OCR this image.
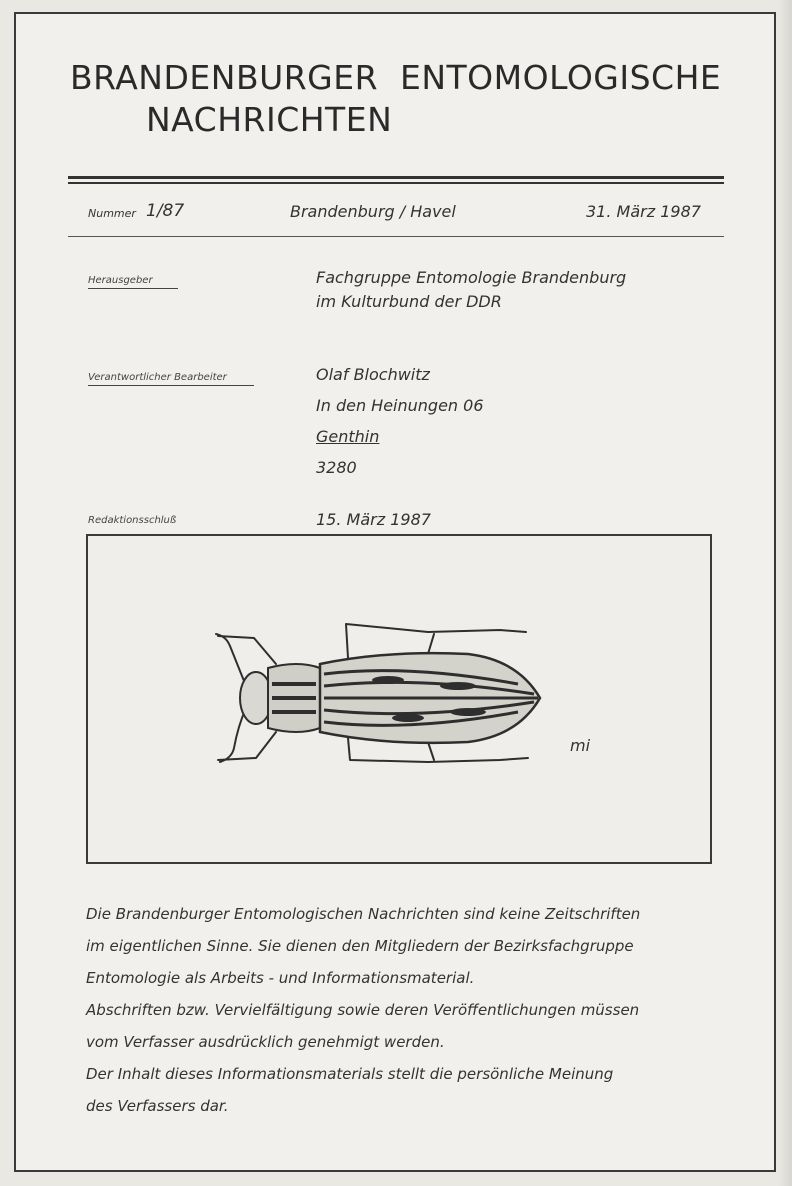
BRANDENBURGER  ENTOMOLOGISCHE
NACHRICHTEN
Nummer 1/87	Brandenburg / Havel	31. März 1987
Herausgeber	Fachgruppe Entomologie Brandenburg
im Kulturbund der DDR
Verantwortlicher Bearbeiter	Olaf Blochwitz
In den Heinungen 06
Genthin
3280
Redaktionsschluß	15. März 1987
mi
Die Brandenburger Entomologischen Nachrichten sind keine Zeitschriften
im eigentlichen Sinne. Sie dienen den Mitgliedern der Bezirksfachgruppe
Entomologie als Arbeits - und Informationsmaterial.
Abschriften bzw. Vervielfältigung sowie deren Veröffentlichungen müssen
vom Verfasser ausdrücklich genehmigt werden.
Der Inhalt dieses Informationsmaterials stellt die persönliche Meinung
des Verfassers dar.
